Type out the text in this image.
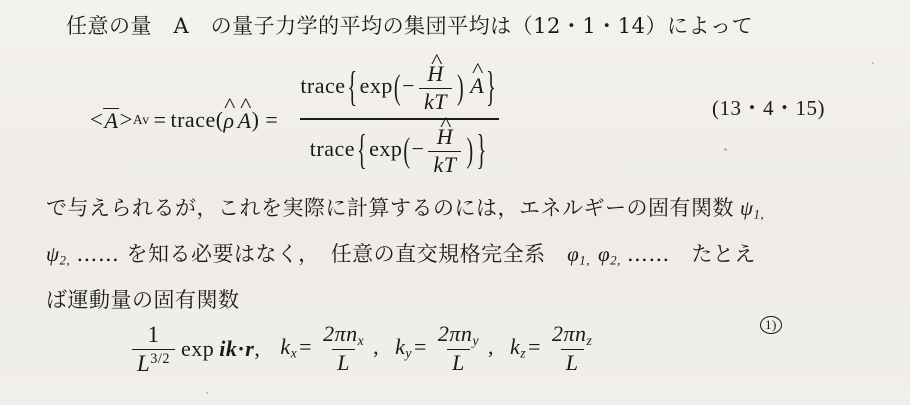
任意の量　A　の量子力学的平均の集団平均は（12・1・14）によって
< A > Av = trace ( ^ ρ ^ A ) = $\frac{trace \{\exp(- \^{} \frac{H}{kT} ) \^{} A \}}{trace \{\exp(- \^{} \frac{H}{kT} ) \}}$	(13・4・15)
で与えられるが，これを実際に計算するのには，エネルギーの固有関数 $\psi_{1,}$
$\psi_{2,}$ …… を知る必要はなく，　任意の直交規格完全系　$\varphi_{1,}$ $\varphi_{2,}$ ……　たとえ
ば運動量の固有関数
$\frac{1}{L^{3/2}}$ exp i k · r , $k_x= \frac{2\pi n_x}{L}$ , $k_y= \frac{2\pi n_y}{L}$ , $k_z= \frac{2\pi n_z}{L}$	1)
